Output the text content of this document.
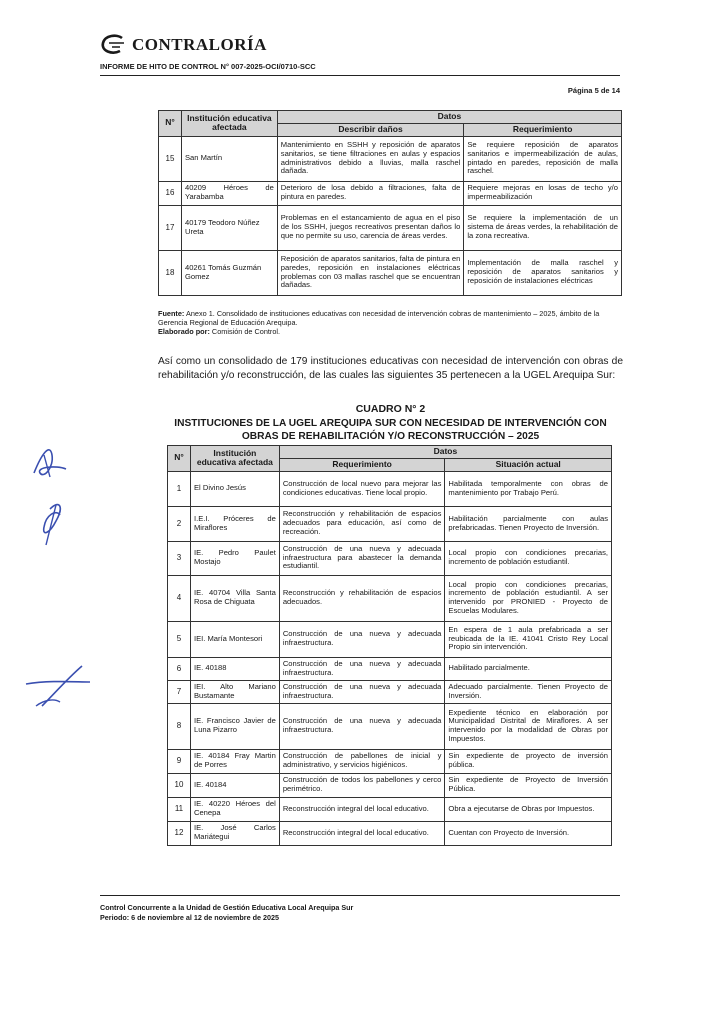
CONTRALORÍA
INFORME DE HITO DE CONTROL N° 007-2025-OCI/0710-SCC
Página 5 de 14
N°	Institución educativa afectada	Datos	
		Describir daños	Requerimiento
15	San Martín	Mantenimiento en SSHH y reposición de aparatos sanitarios, se tiene filtraciones en aulas y espacios administrativos debido a lluvias, malla raschel dañada.	Se requiere reposición de aparatos sanitarios e impermeabilización de aulas, pintado en paredes, reposición de malla raschel.
16	40209 Héroes de Yarabamba	Deterioro de losa debido a filtraciones, falta de pintura en paredes.	Requiere mejoras en losas de techo y/o impermeabilización
17	40179 Teodoro Núñez Ureta	Problemas en el estancamiento de agua en el piso de los SSHH, juegos recreativos presentan daños lo que no permite su uso, carencia de áreas verdes.	Se requiere la implementación de un sistema de áreas verdes, la rehabilitación de la zona recreativa.
18	40261 Tomás Guzmán Gomez	Reposición de aparatos sanitarios, falta de pintura en paredes, reposición en instalaciones eléctricas problemas con 03 mallas raschel que se encuentran dañadas.	Implementación de malla raschel y reposición de aparatos sanitarios y reposición de instalaciones eléctricas
Fuente: Anexo 1. Consolidado de instituciones educativas con necesidad de intervención cobras de mantenimiento – 2025, ámbito de la Gerencia Regional de Educación Arequipa.
Elaborado por: Comisión de Control.
Así como un consolidado de 179 instituciones educativas con necesidad de intervención con obras de rehabilitación y/o reconstrucción, de las cuales las siguientes 35 pertenecen a la UGEL Arequipa Sur:
CUADRO N° 2
INSTITUCIONES DE LA UGEL AREQUIPA SUR CON NECESIDAD DE INTERVENCIÓN CON OBRAS DE REHABILITACIÓN Y/O RECONSTRUCCIÓN – 2025
N°	Institución educativa afectada	Datos	
		Requerimiento	Situación actual
1	El Divino Jesús	Construcción de local nuevo para mejorar las condiciones educativas. Tiene local propio.	Habilitada temporalmente con obras de mantenimiento por Trabajo Perú.
2	I.E.I. Próceres de Miraflores	Reconstrucción y rehabilitación de espacios adecuados para educación, así como de recreación.	Habilitación parcialmente con aulas prefabricadas. Tienen Proyecto de Inversión.
3	IE. Pedro Paulet Mostajo	Construcción de una nueva y adecuada infraestructura para abastecer la demanda estudiantil.	Local propio con condiciones precarias, incremento de población estudiantil.
4	IE. 40704 Villa Santa Rosa de Chiguata	Reconstrucción y rehabilitación de espacios adecuados.	Local propio con condiciones precarias, incremento de población estudiantil. A ser intervenido por PRONIED - Proyecto de Escuelas Modulares.
5	IEI. María Montesori	Construcción de una nueva y adecuada infraestructura.	En espera de 1 aula prefabricada a ser reubicada de la IE. 41041 Cristo Rey Local Propio sin intervención.
6	IE. 40188	Construcción de una nueva y adecuada infraestructura.	Habilitado parcialmente.
7	IEI. Alto Mariano Bustamante	Construcción de una nueva y adecuada infraestructura.	Adecuado parcialmente. Tienen Proyecto de Inversión.
8	IE. Francisco Javier de Luna Pizarro	Construcción de una nueva y adecuada infraestructura.	Expediente técnico en elaboración por Municipalidad Distrital de Miraflores. A ser intervenido por la modalidad de Obras por Impuestos.
9	IE. 40184 Fray Martin de Porres	Construcción de pabellones de inicial y administrativo, y servicios higiénicos.	Sin expediente de proyecto de inversión pública.
10	IE. 40184	Construcción de todos los pabellones y cerco perimétrico.	Sin expediente de Proyecto de Inversión Pública.
11	IE. 40220 Héroes del Cenepa	Reconstrucción integral del local educativo.	Obra a ejecutarse de Obras por Impuestos.
12	IE. José Carlos Mariátegui	Reconstrucción integral del local educativo.	Cuentan con Proyecto de Inversión.
Control Concurrente a la Unidad de Gestión Educativa Local Arequipa Sur
Periodo: 6 de noviembre al 12 de noviembre de 2025
